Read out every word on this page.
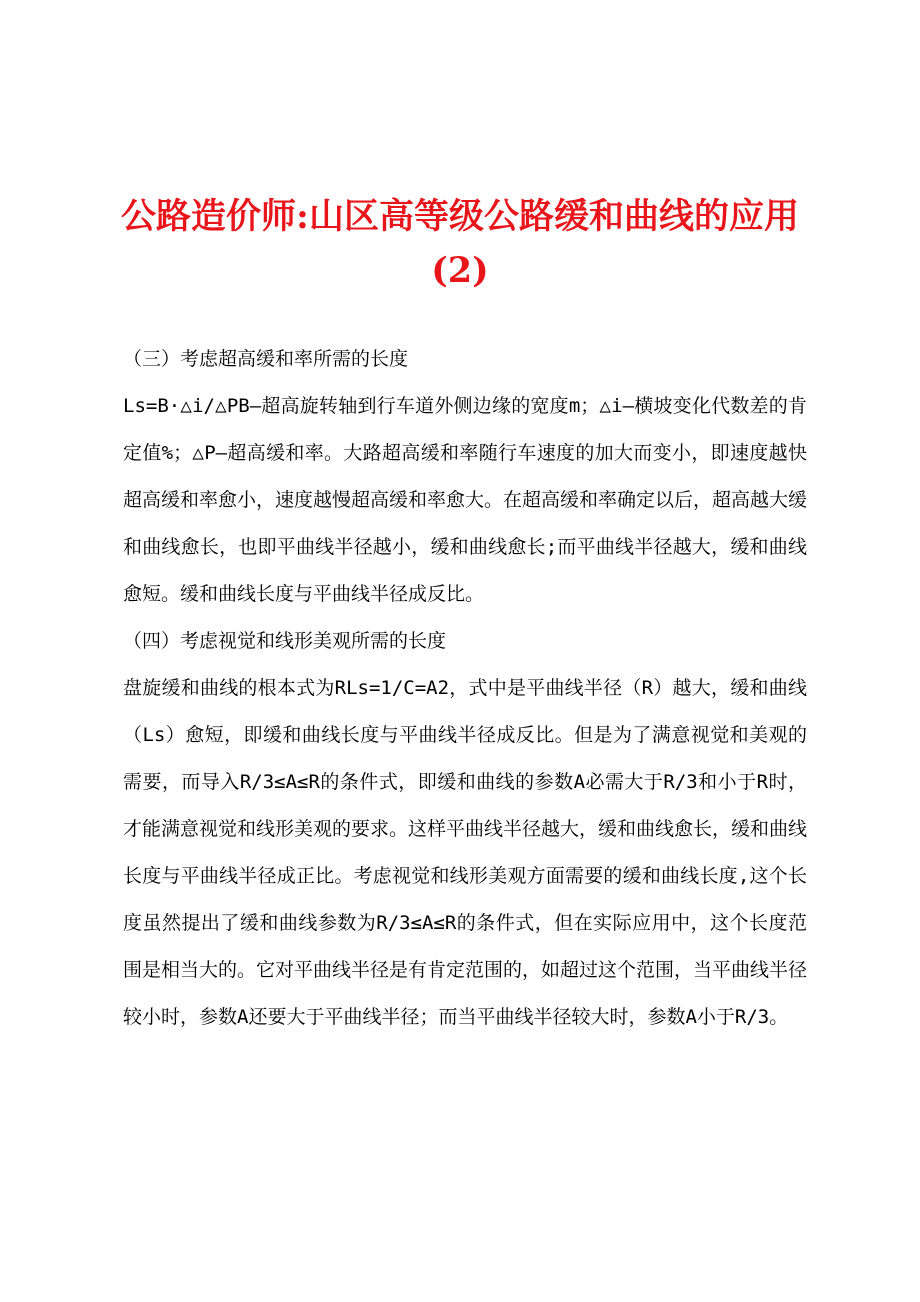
公路造价师:山区高等级公路缓和曲线的应用
(2)

（三）考虑超高缓和率所需的长度

Ls=B·△i/△PB—超高旋转轴到行车道外侧边缘的宽度m；△i—横坡变化代数差的肯定值%；△P—超高缓和率。大路超高缓和率随行车速度的加大而变小，即速度越快超高缓和率愈小，速度越慢超高缓和率愈大。在超高缓和率确定以后，超高越大缓和曲线愈长，也即平曲线半径越小，缓和曲线愈长;而平曲线半径越大，缓和曲线愈短。缓和曲线长度与平曲线半径成反比。

（四）考虑视觉和线形美观所需的长度

盘旋缓和曲线的根本式为RLs=1/C=A2，式中是平曲线半径（R）越大，缓和曲线（Ls）愈短，即缓和曲线长度与平曲线半径成反比。但是为了满意视觉和美观的需要，而导入R/3≤A≤R的条件式，即缓和曲线的参数A必需大于R/3和小于R时，才能满意视觉和线形美观的要求。这样平曲线半径越大，缓和曲线愈长，缓和曲线长度与平曲线半径成正比。考虑视觉和线形美观方面需要的缓和曲线长度,这个长度虽然提出了缓和曲线参数为R/3≤A≤R的条件式，但在实际应用中，这个长度范围是相当大的。它对平曲线半径是有肯定范围的，如超过这个范围，当平曲线半径较小时，参数A还要大于平曲线半径；而当平曲线半径较大时，参数A小于R/3。
